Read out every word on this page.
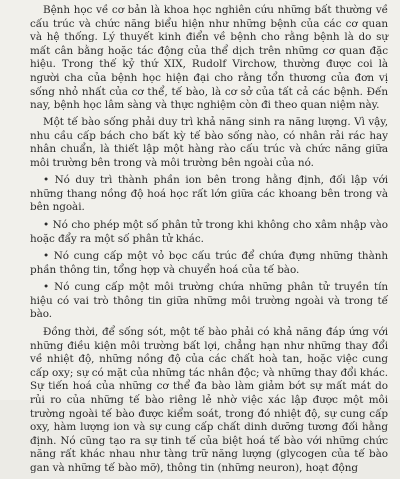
Bệnh học về cơ bản là khoa học nghiên cứu những bất thường về cấu trúc và chức năng biểu hiện như những bệnh của các cơ quan và hệ thống. Lý thuyết kinh điển về bệnh cho rằng bệnh là do sự mất cân bằng hoặc tác động của thể dịch trên những cơ quan đặc hiệu. Trong thế kỷ thứ XIX, Rudolf Virchow, thường được coi là người cha của bệnh học hiện đại cho rằng tổn thương của đơn vị sống nhỏ nhất của cơ thể, tế bào, là cơ sở của tất cả các bệnh. Đến nay, bệnh học lâm sàng và thực nghiệm còn đi theo quan niệm này.

Một tế bào sống phải duy trì khả năng sinh ra năng lượng. Vì vậy, nhu cầu cấp bách cho bất kỳ tế bào sống nào, có nhân rải rác hay nhân chuẩn, là thiết lập một hàng rào cấu trúc và chức năng giữa môi trường bên trong và môi trường bên ngoài của nó.

• Nó duy trì thành phần ion bên trong hằng định, đối lập với những thang nồng độ hoá học rất lớn giữa các khoang bên trong và bên ngoài.

• Nó cho phép một số phân tử trong khi không cho xâm nhập vào hoặc đẩy ra một số phân tử khác.

• Nó cung cấp một vỏ bọc cấu trúc để chứa đựng những thành phần thông tin, tổng hợp và chuyển hoá của tế bào.

• Nó cung cấp một môi trường chứa những phân tử truyền tín hiệu có vai trò thông tin giữa những môi trường ngoài và trong tế bào.

Đồng thời, để sống sót, một tế bào phải có khả năng đáp ứng với những điều kiện môi trường bất lợi, chẳng hạn như những thay đổi về nhiệt độ, những nồng độ của các chất hoà tan, hoặc việc cung cấp oxy; sự có mặt của những tác nhân độc; và những thay đổi khác. Sự tiến hoá của những cơ thể đa bào làm giảm bớt sự mất mát do rủi ro của những tế bào riêng lẻ nhờ việc xác lập được một môi trường ngoài tế bào được kiểm soát, trong đó nhiệt độ, sự cung cấp oxy, hàm lượng ion và sự cung cấp chất dinh dưỡng tương đối hằng định. Nó cũng tạo ra sự tinh tế của biệt hoá tế bào với những chức năng rất khác nhau như tàng trữ năng lượng (glycogen của tế bào gan và những tế bào mỡ), thông tin (những neuron), hoạt động
